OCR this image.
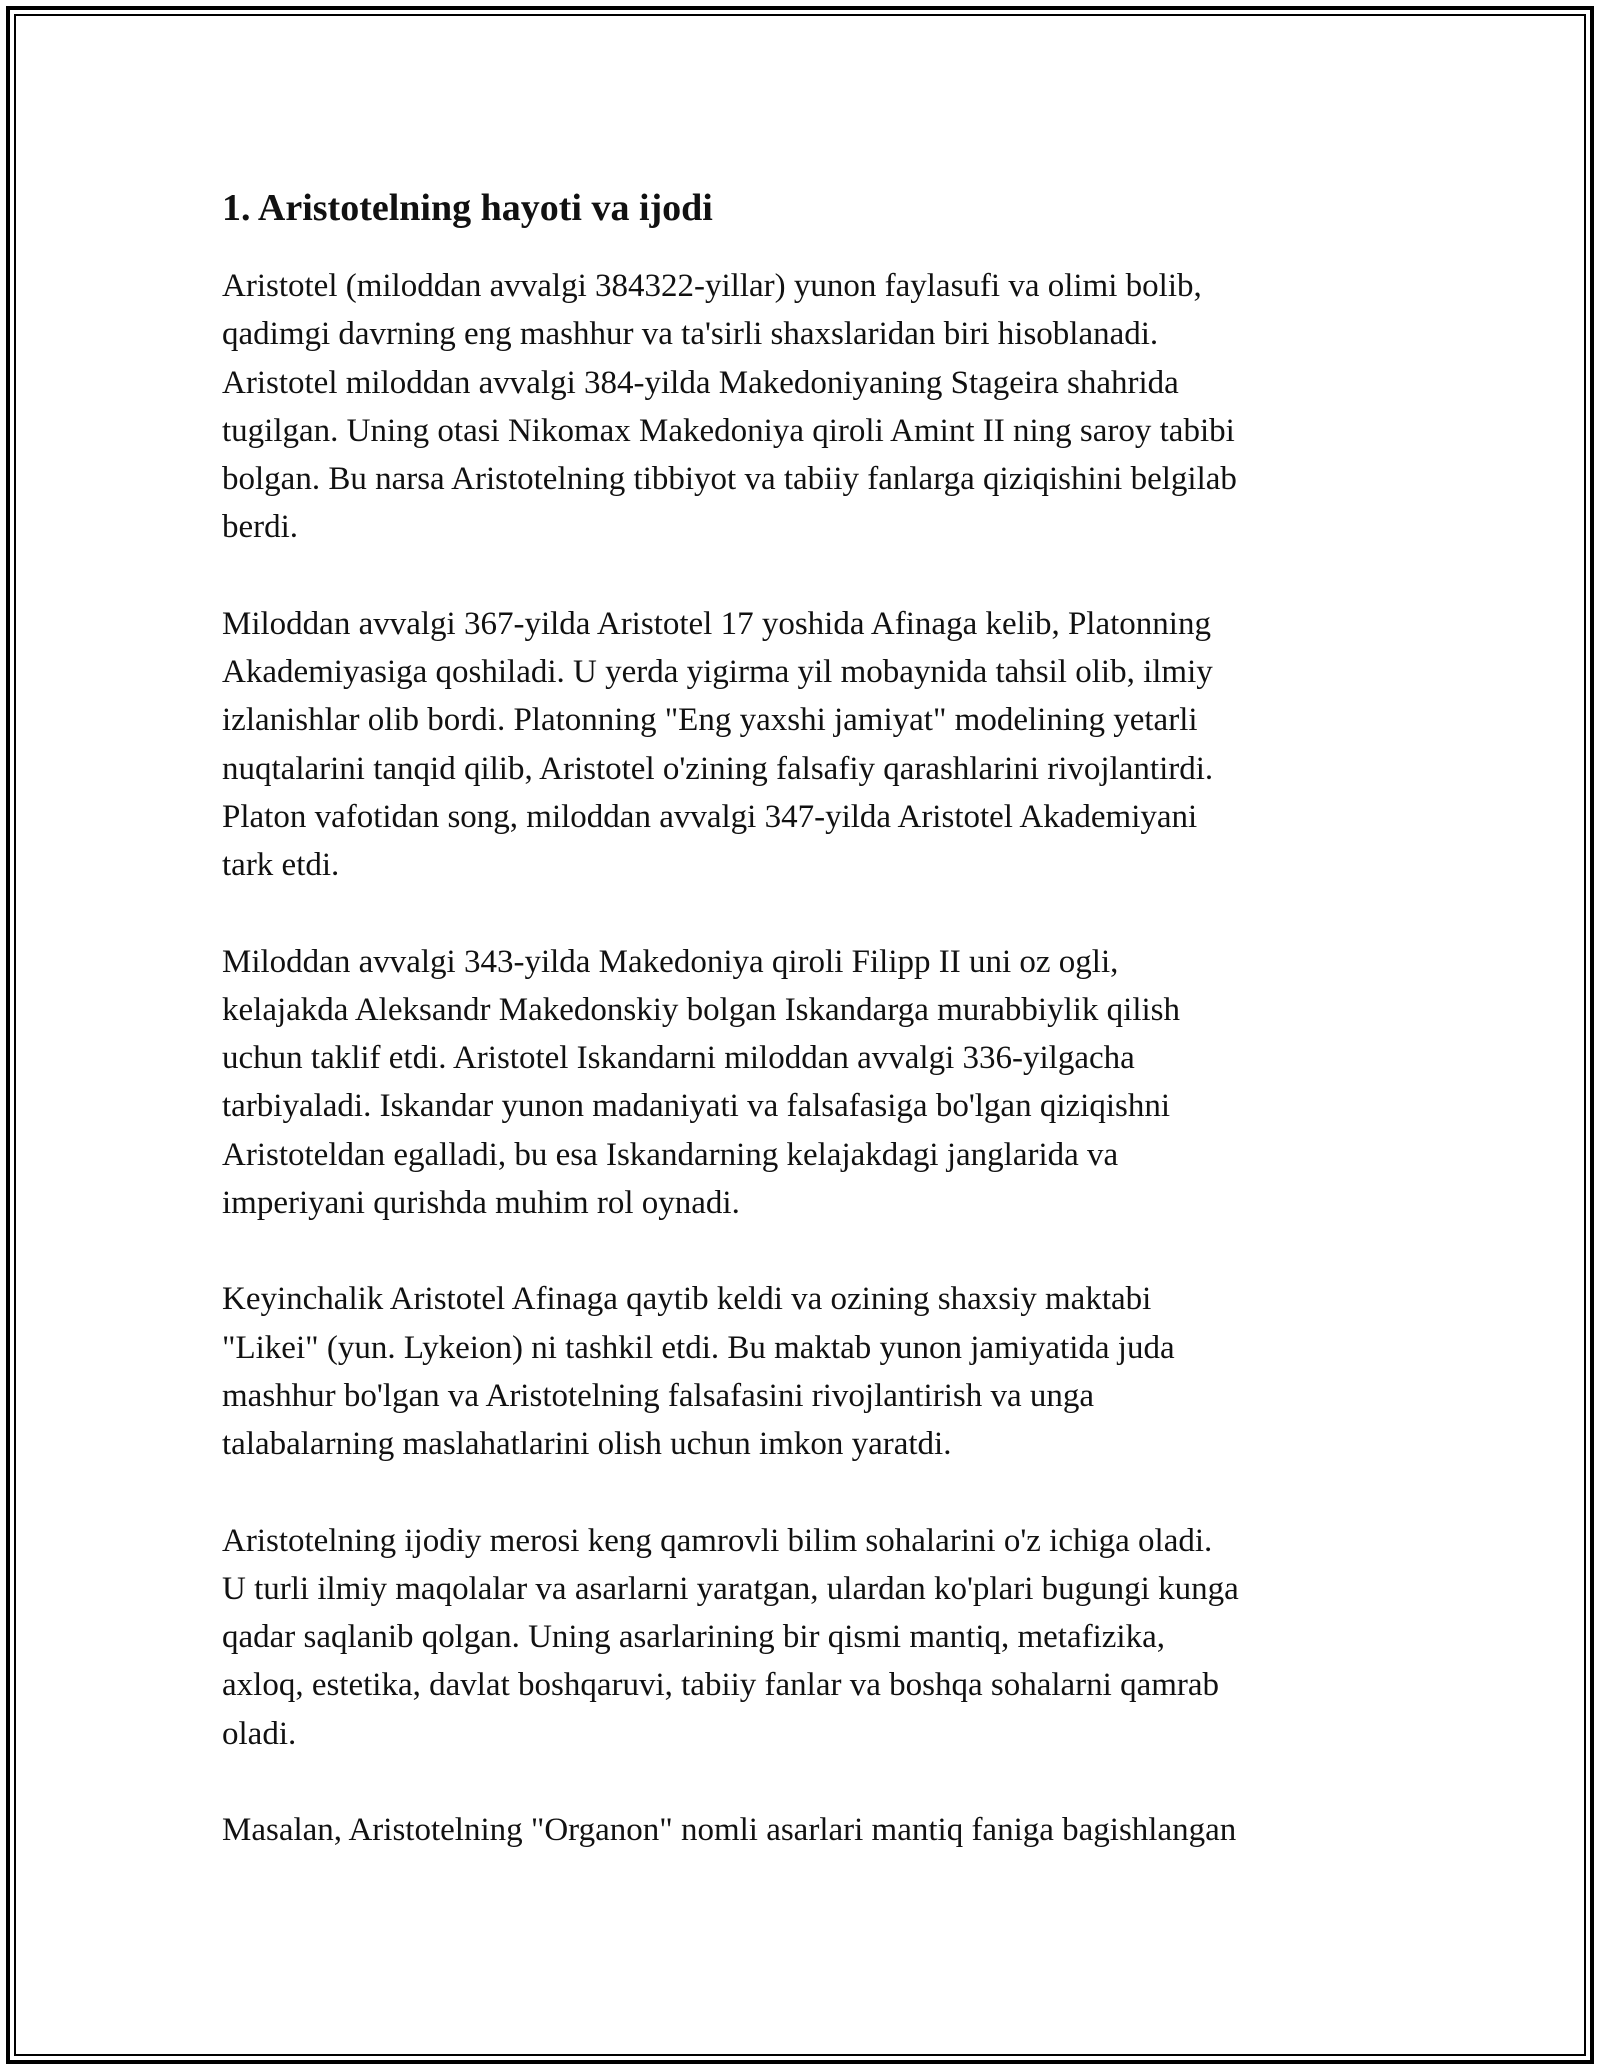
1. Aristotelning hayoti va ijodi

Aristotel (miloddan avvalgi 384322-yillar) yunon faylasufi va olimi bolib,
qadimgi davrning eng mashhur va ta'sirli shaxslaridan biri hisoblanadi.
Aristotel miloddan avvalgi 384-yilda Makedoniyaning Stageira shahrida
tugilgan. Uning otasi Nikomax Makedoniya qiroli Amint II ning saroy tabibi
bolgan. Bu narsa Aristotelning tibbiyot va tabiiy fanlarga qiziqishini belgilab
berdi.

Miloddan avvalgi 367-yilda Aristotel 17 yoshida Afinaga kelib, Platonning
Akademiyasiga qoshiladi. U yerda yigirma yil mobaynida tahsil olib, ilmiy
izlanishlar olib bordi. Platonning "Eng yaxshi jamiyat" modelining yetarli
nuqtalarini tanqid qilib, Aristotel o'zining falsafiy qarashlarini rivojlantirdi.
Platon vafotidan song, miloddan avvalgi 347-yilda Aristotel Akademiyani
tark etdi.

Miloddan avvalgi 343-yilda Makedoniya qiroli Filipp II uni oz ogli,
kelajakda Aleksandr Makedonskiy bolgan Iskandarga murabbiylik qilish
uchun taklif etdi. Aristotel Iskandarni miloddan avvalgi 336-yilgacha
tarbiyaladi. Iskandar yunon madaniyati va falsafasiga bo'lgan qiziqishni
Aristoteldan egalladi, bu esa Iskandarning kelajakdagi janglarida va
imperiyani qurishda muhim rol oynadi.

Keyinchalik Aristotel Afinaga qaytib keldi va ozining shaxsiy maktabi
"Likei" (yun. Lykeion) ni tashkil etdi. Bu maktab yunon jamiyatida juda
mashhur bo'lgan va Aristotelning falsafasini rivojlantirish va unga
talabalarning maslahatlarini olish uchun imkon yaratdi.

Aristotelning ijodiy merosi keng qamrovli bilim sohalarini o'z ichiga oladi.
U turli ilmiy maqolalar va asarlarni yaratgan, ulardan ko'plari bugungi kunga
qadar saqlanib qolgan. Uning asarlarining bir qismi mantiq, metafizika,
axloq, estetika, davlat boshqaruvi, tabiiy fanlar va boshqa sohalarni qamrab
oladi.

Masalan, Aristotelning "Organon" nomli asarlari mantiq faniga bagishlangan
